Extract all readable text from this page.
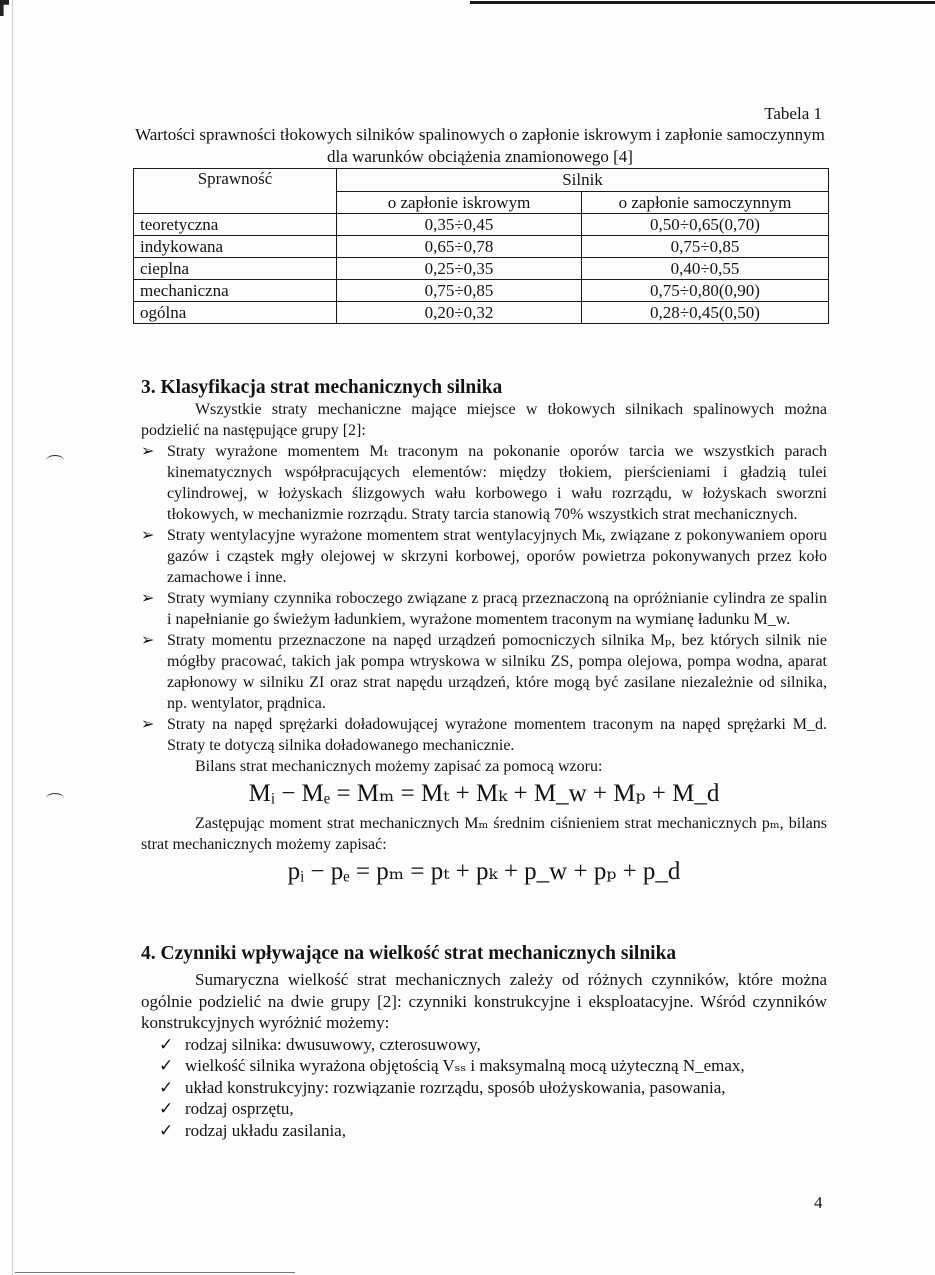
Tabela 1
Wartości sprawności tłokowych silników spalinowych o zapłonie iskrowym i zapłonie samoczynnym dla warunków obciążenia znamionowego [4]
Sprawność	Silnik	
	o zapłonie iskrowym	o zapłonie samoczynnym
teoretyczna	0,35÷0,45	0,50÷0,65(0,70)
indykowana	0,65÷0,78	0,75÷0,85
cieplna	0,25÷0,35	0,40÷0,55
mechaniczna	0,75÷0,85	0,75÷0,80(0,90)
ogólna	0,20÷0,32	0,28÷0,45(0,50)
3. Klasyfikacja strat mechanicznych silnika
Wszystkie straty mechaniczne mające miejsce w tłokowych silnikach spalinowych można podzielić na następujące grupy [2]:
➢ Straty wyrażone momentem Mₜ traconym na pokonanie oporów tarcia we wszystkich parach kinematycznych współpracujących elementów: między tłokiem, pierścieniami i gładzią tulei cylindrowej, w łożyskach ślizgowych wału korbowego i wału rozrządu, w łożyskach sworzni tłokowych, w mechanizmie rozrządu. Straty tarcia stanowią 70% wszystkich strat mechanicznych.
➢ Straty wentylacyjne wyrażone momentem strat wentylacyjnych Mₖ, związane z pokonywaniem oporu gazów i cząstek mgły olejowej w skrzyni korbowej, oporów powietrza pokonywanych przez koło zamachowe i inne.
➢ Straty wymiany czynnika roboczego związane z pracą przeznaczoną na opróżnianie cylindra ze spalin i napełnianie go świeżym ładunkiem, wyrażone momentem traconym na wymianę ładunku M_w.
➢ Straty momentu przeznaczone na napęd urządzeń pomocniczych silnika Mₚ, bez których silnik nie mógłby pracować, takich jak pompa wtryskowa w silniku ZS, pompa olejowa, pompa wodna, aparat zapłonowy w silniku ZI oraz strat napędu urządzeń, które mogą być zasilane niezależnie od silnika, np. wentylator, prądnica.
➢ Straty na napęd sprężarki doładowującej wyrażone momentem traconym na napęd sprężarki M_d. Straty te dotyczą silnika doładowanego mechanicznie.
Bilans strat mechanicznych możemy zapisać za pomocą wzoru:
Mᵢ − Mₑ = Mₘ = Mₜ + Mₖ + M_w + Mₚ + M_d
Zastępując moment strat mechanicznych Mₘ średnim ciśnieniem strat mechanicznych pₘ, bilans strat mechanicznych możemy zapisać:
pᵢ − pₑ = pₘ = pₜ + pₖ + p_w + pₚ + p_d
4. Czynniki wpływające na wielkość strat mechanicznych silnika
Sumaryczna wielkość strat mechanicznych zależy od różnych czynników, które można ogólnie podzielić na dwie grupy [2]: czynniki konstrukcyjne i eksploatacyjne. Wśród czynników konstrukcyjnych wyróżnić możemy:
✓ rodzaj silnika: dwusuwowy, czterosuwowy,
✓ wielkość silnika wyrażona objętością Vₛₛ i maksymalną mocą użyteczną N_emax,
✓ układ konstrukcyjny: rozwiązanie rozrządu, sposób ułożyskowania, pasowania,
✓ rodzaj osprzętu,
✓ rodzaj układu zasilania,
4
